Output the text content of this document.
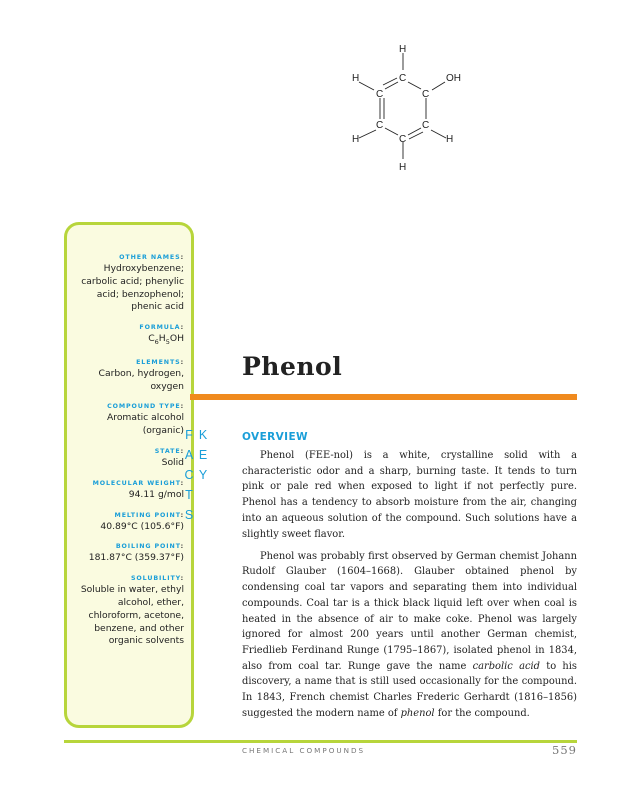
H
C	OH
H
C	C
C	C
H	H
C
H
OTHER NAMES :
Hydroxybenzene; carbolic acid; phenylic acid; benzophenol; phenic acid
FORMULA :
$C_6H_5OH$
ELEMENTS :
Carbon, hydrogen, oxygen
COMPOUND TYPE :
Aromatic alcohol (organic)
STATE :
Solid
MOLECULAR WEIGHT :
94.11 g/mol
MELTING POINT :
40.89°C (105.6°F)
BOILING POINT :
181.87°C (359.37°F)
SOLUBILITY :
Soluble in water, ethyl alcohol, ether, chloroform, acetone, benzene, and other organic solvents
KEY FACTS
Phenol
OVERVIEW

Phenol (FEE-nol) is a white, crystalline solid with a characteristic odor and a sharp, burning taste. It tends to turn pink or pale red when exposed to light if not perfectly pure. Phenol has a tendency to absorb moisture from the air, changing into an aqueous solution of the compound. Such solutions have a slightly sweet flavor.

Phenol was probably first observed by German chemist Johann Rudolf Glauber (1604–1668). Glauber obtained phenol by condensing coal tar vapors and separating them into individual compounds. Coal tar is a thick black liquid left over when coal is heated in the absence of air to make coke. Phenol was largely ignored for almost 200 years until another German chemist, Friedlieb Ferdinand Runge (1795–1867), isolated phenol in 1834, also from coal tar. Runge gave the name carbolic acid to his discovery, a name that is still used occasionally for the compound. In 1843, French chemist Charles Frederic Gerhardt (1816–1856) suggested the modern name of phenol for the compound.

CHEMICAL COMPOUNDS	559
